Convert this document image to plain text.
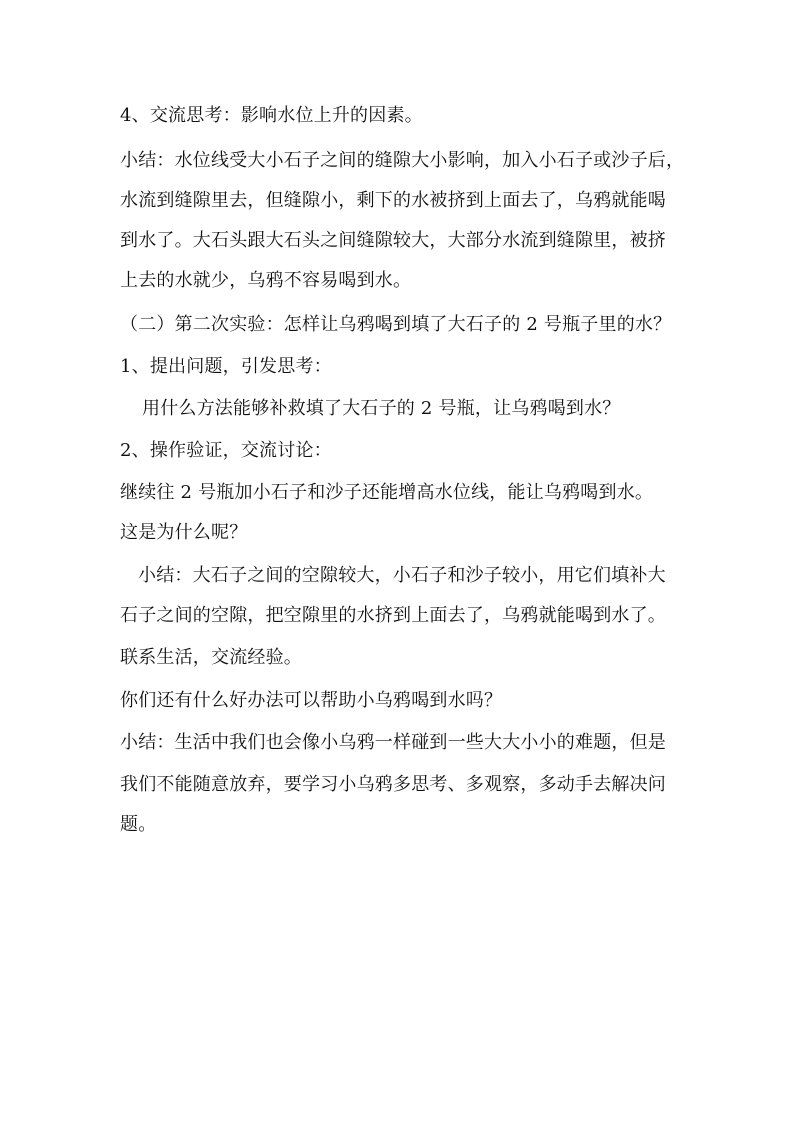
4、交流思考：影响水位上升的因素。
小结：水位线受大小石子之间的缝隙大小影响，加入小石子或沙子后，
水流到缝隙里去，但缝隙小，剩下的水被挤到上面去了，乌鸦就能喝
到水了。大石头跟大石头之间缝隙较大，大部分水流到缝隙里，被挤
上去的水就少，乌鸦不容易喝到水。
（二）第二次实验：怎样让乌鸦喝到填了大石子的 2 号瓶子里的水？
1、提出问题，引发思考：
用什么方法能够补救填了大石子的 2 号瓶，让乌鸦喝到水？
2、操作验证，交流讨论：
继续往 2 号瓶加小石子和沙子还能增高水位线，能让乌鸦喝到水。
这是为什么呢？
小结：大石子之间的空隙较大，小石子和沙子较小，用它们填补大
石子之间的空隙，把空隙里的水挤到上面去了，乌鸦就能喝到水了。
联系生活，交流经验。
你们还有什么好办法可以帮助小乌鸦喝到水吗？
小结：生活中我们也会像小乌鸦一样碰到一些大大小小的难题，但是
我们不能随意放弃，要学习小乌鸦多思考、多观察，多动手去解决问
题。
